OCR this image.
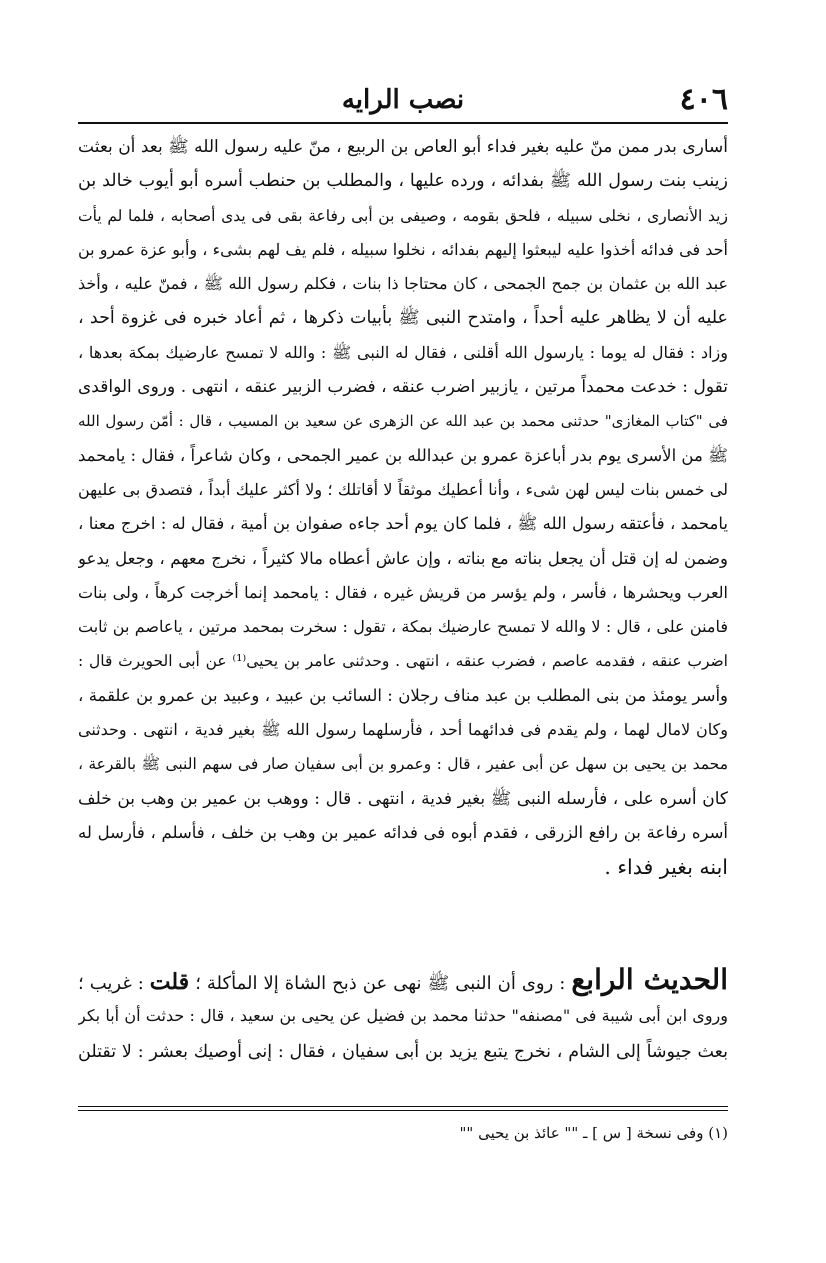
٤٠٦
نصب الرايه
أسارى بدر ممن منّ عليه بغير فداء أبو العاص بن الربيع ، منّ عليه رسول الله ﷺ بعد أن بعثت
زينب بنت رسول الله ﷺ بفدائه ، ورده عليها ، والمطلب بن حنطب أسره أبو أيوب خالد بن
زيد الأنصارى ، نخلى سبيله ، فلحق بقومه ، وصيفى بن أبى رفاعة بقى فى يدى أصحابه ، فلما لم يأت
أحد فى فدائه أخذوا عليه ليبعثوا إليهم بفدائه ، نخلوا سبيله ، فلم يف لهم بشىء ، وأبو عزة عمرو بن
عبد الله بن عثمان بن جمح الجمحى ، كان محتاجا ذا بنات ، فكلم رسول الله ﷺ ، فمنّ عليه ، وأخذ
عليه أن لا يظاهر عليه أحداً ، وامتدح النبى ﷺ بأبيات ذكرها ، ثم أعاد خبره فى غزوة أحد ،
وزاد : فقال له يوما : يارسول الله أقلنى ، فقال له النبى ﷺ : والله لا تمسح عارضيك بمكة بعدها ،
تقول : خدعت محمداً مرتين ، يازبير اضرب عنقه ، فضرب الزبير عنقه ، انتهى . وروى الواقدى
فى "كتاب المغازى" حدثنى محمد بن عبد الله عن الزهرى عن سعيد بن المسيب ، قال : أمّن رسول الله
ﷺ من الأسرى يوم بدر أباعزة عمرو بن عبدالله بن عمير الجمحى ، وكان شاعراً ، فقال : يامحمد
لى خمس بنات ليس لهن شىء ، وأنا أعطيك موثقاً لا أقاتلك ؛ ولا أكثر عليك أبداً ، فتصدق بى عليهن
يامحمد ، فأعتقه رسول الله ﷺ ، فلما كان يوم أحد جاءه صفوان بن أمية ، فقال له : اخرج معنا ،
وضمن له إن قتل أن يجعل بناته مع بناته ، وإن عاش أعطاه مالا كثيراً ، نخرج معهم ، وجعل يدعو
العرب ويحشرها ، فأسر ، ولم يؤسر من قريش غيره ، فقال : يامحمد إنما أخرجت كرهاً ، ولى بنات
فامنن على ، قال : لا والله لا تمسح عارضيك بمكة ، تقول : سخرت بمحمد مرتين ، ياعاصم بن ثابت
اضرب عنقه ، فقدمه عاصم ، فضرب عنقه ، انتهى . وحدثنى عامر بن يحيى⁽¹⁾ عن أبى الحويرث قال :
وأسر يومئذ من بنى المطلب بن عبد مناف رجلان : السائب بن عبيد ، وعبيد بن عمرو بن علقمة ،
وكان لامال لهما ، ولم يقدم فى فدائهما أحد ، فأرسلهما رسول الله ﷺ بغير فدية ، انتهى . وحدثنى
محمد بن يحيى بن سهل عن أبى عفير ، قال : وعمرو بن أبى سفيان صار فى سهم النبى ﷺ بالقرعة ،
كان أسره على ، فأرسله النبى ﷺ بغير فدية ، انتهى . قال : ووهب بن عمير بن وهب بن خلف
أسره رفاعة بن رافع الزرقى ، فقدم أبوه فى فدائه عمير بن وهب بن خلف ، فأسلم ، فأرسل له
ابنه بغير فداء .
الحديث الرابع : روى أن النبى ﷺ نهى عن ذبح الشاة إلا المأكلة ؛ قلت : غريب ؛
وروى ابن أبى شيبة فى "مصنفه" حدثنا محمد بن فضيل عن يحيى بن سعيد ، قال : حدثت أن أبا بكر
بعث جيوشاً إلى الشام ، نخرج يتبع يزيد بن أبى سفيان ، فقال : إنى أوصيك بعشر : لا تقتلن
(١) وفى نسخة [ س ] ـ "" عائذ بن يحيى ""
